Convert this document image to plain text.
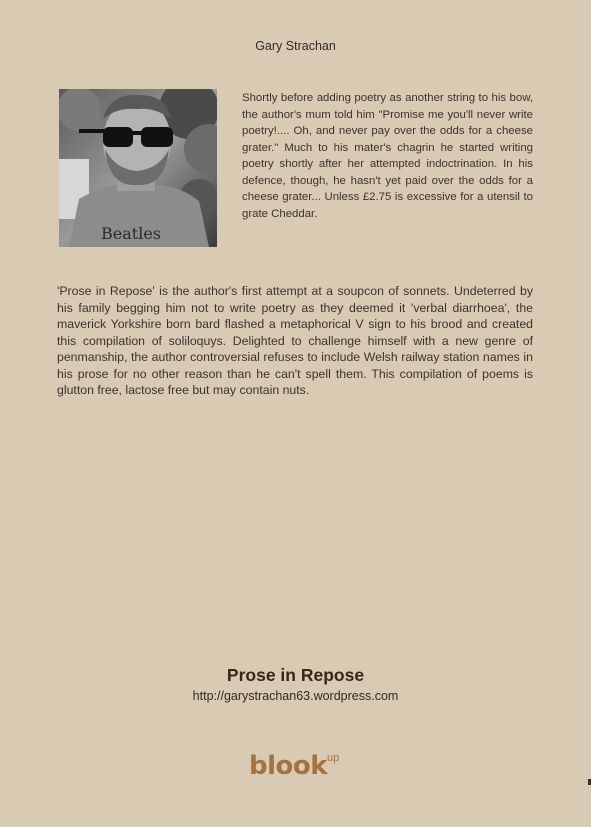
Gary Strachan
Beatles

Shortly before adding poetry as another string to his bow, the author's mum told him "Promise me you'll never write poetry!.... Oh, and never pay over the odds for a cheese grater." Much to his mater's chagrin he started writing poetry shortly after her attempted indoctrination. In his defence, though, he hasn't yet paid over the odds for a cheese grater... Unless £2.75 is excessive for a utensil to grate Cheddar.

'Prose in Repose' is the author's first attempt at a soupcon of sonnets. Undeterred by his family begging him not to write poetry as they deemed it 'verbal diarrhoea', the maverick Yorkshire born bard flashed a metaphorical V sign to his brood and created this compilation of soliloquys. Delighted to challenge himself with a new genre of penmanship, the author controversial refuses to include Welsh railway station names in his prose for no other reason than he can't spell them. This compilation of poems is glutton free, lactose free but may contain nuts.

Prose in Repose
http://garystrachan63.wordpress.com
blook up
